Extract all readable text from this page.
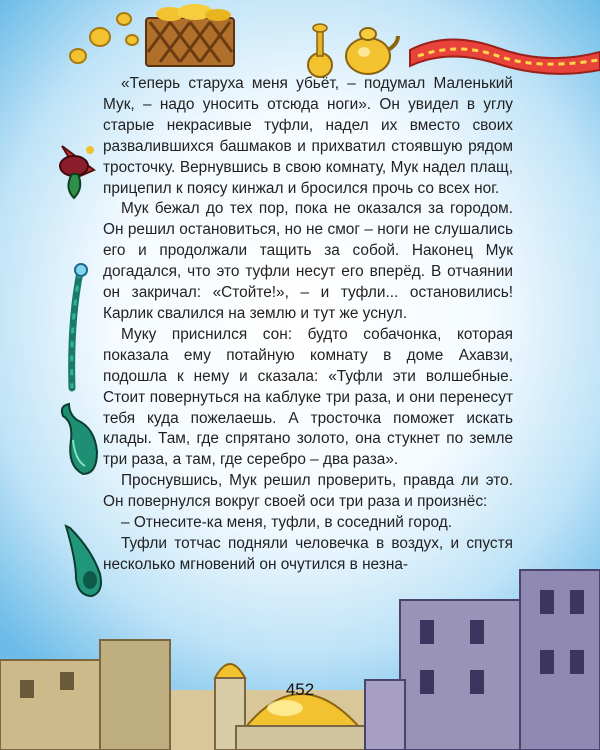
«Теперь старуха меня убьёт, – подумал Маленький Мук, – надо уносить отсюда ноги». Он увидел в углу старые некрасивые туфли, надел их вместо своих развалившихся башмаков и прихватил стоявшую рядом тросточку. Вернувшись в свою комнату, Мук надел плащ, прицепил к поясу кинжал и бросился прочь со всех ног.

Мук бежал до тех пор, пока не оказался за городом. Он решил остановиться, но не смог – ноги не слушались его и продолжали тащить за собой. Наконец Мук догадался, что это туфли несут его вперёд. В отчаянии он закричал: «Стойте!», – и туфли... остановились! Карлик свалился на землю и тут же уснул.

Муку приснился сон: будто собачонка, которая показала ему потайную комнату в доме Ахавзи, подошла к нему и сказала: «Туфли эти волшебные. Стоит повернуться на каблуке три раза, и они перенесут тебя куда пожелаешь. А тросточка поможет искать клады. Там, где спрятано золото, она стукнет по земле три раза, а там, где серебро – два раза».

Проснувшись, Мук решил проверить, правда ли это. Он повернулся вокруг своей оси три раза и произнёс:

– Отнесите-ка меня, туфли, в соседний город.

Туфли тотчас подняли человечка в воздух, и спустя несколько мгновений он очутился в незна-

452
